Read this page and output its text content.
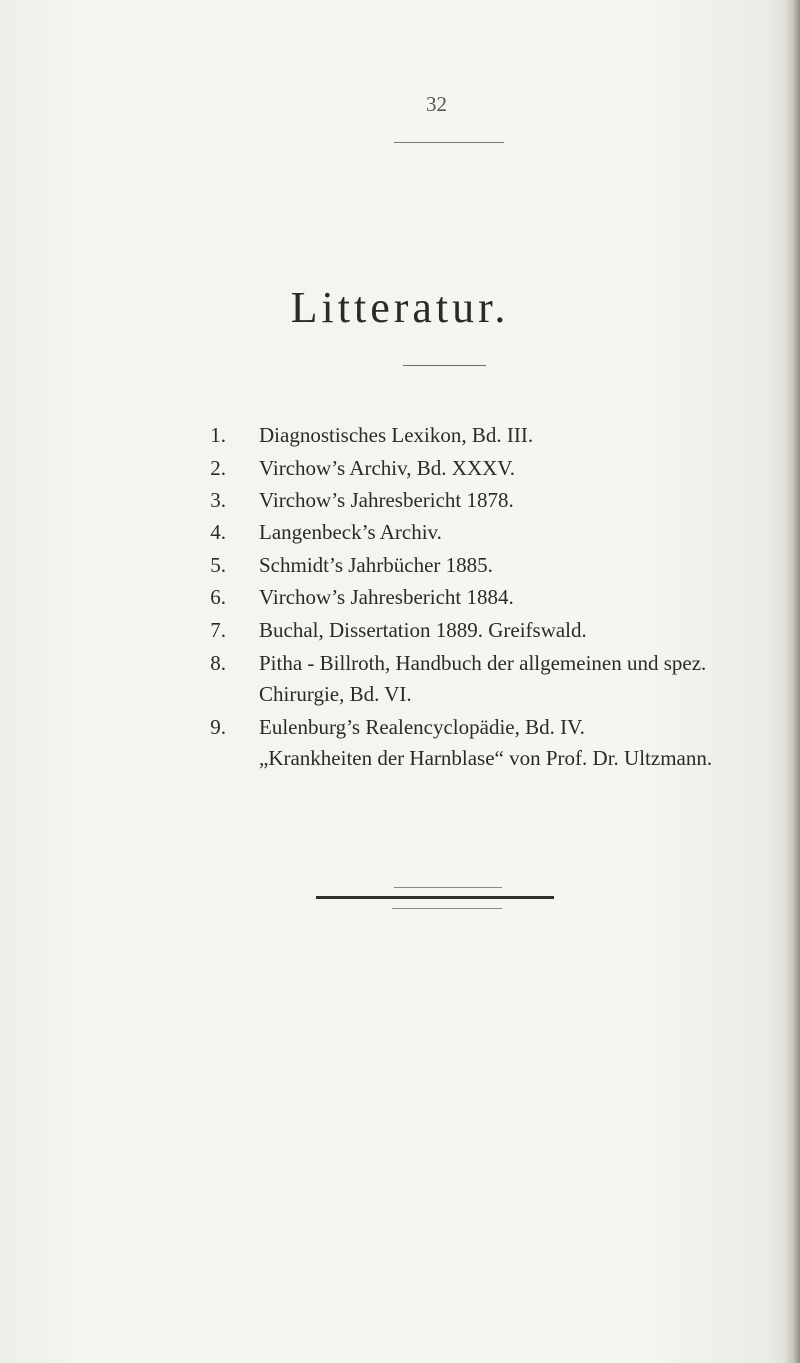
32
Litteratur.
1. Diagnostisches Lexikon, Bd. III.
2. Virchow’s Archiv, Bd. XXXV.
3. Virchow’s Jahresbericht 1878.
4. Langenbeck’s Archiv.
5. Schmidt’s Jahrbücher 1885.
6. Virchow’s Jahresbericht 1884.
7. Buchal, Dissertation 1889. Greifswald.
8. Pitha - Billroth, Handbuch der allgemeinen und spez.
Chirurgie, Bd. VI.
9. Eulenburg’s Realencyclopädie, Bd. IV.
„Krankheiten der Harnblase“ von Prof. Dr. Ultzmann.
